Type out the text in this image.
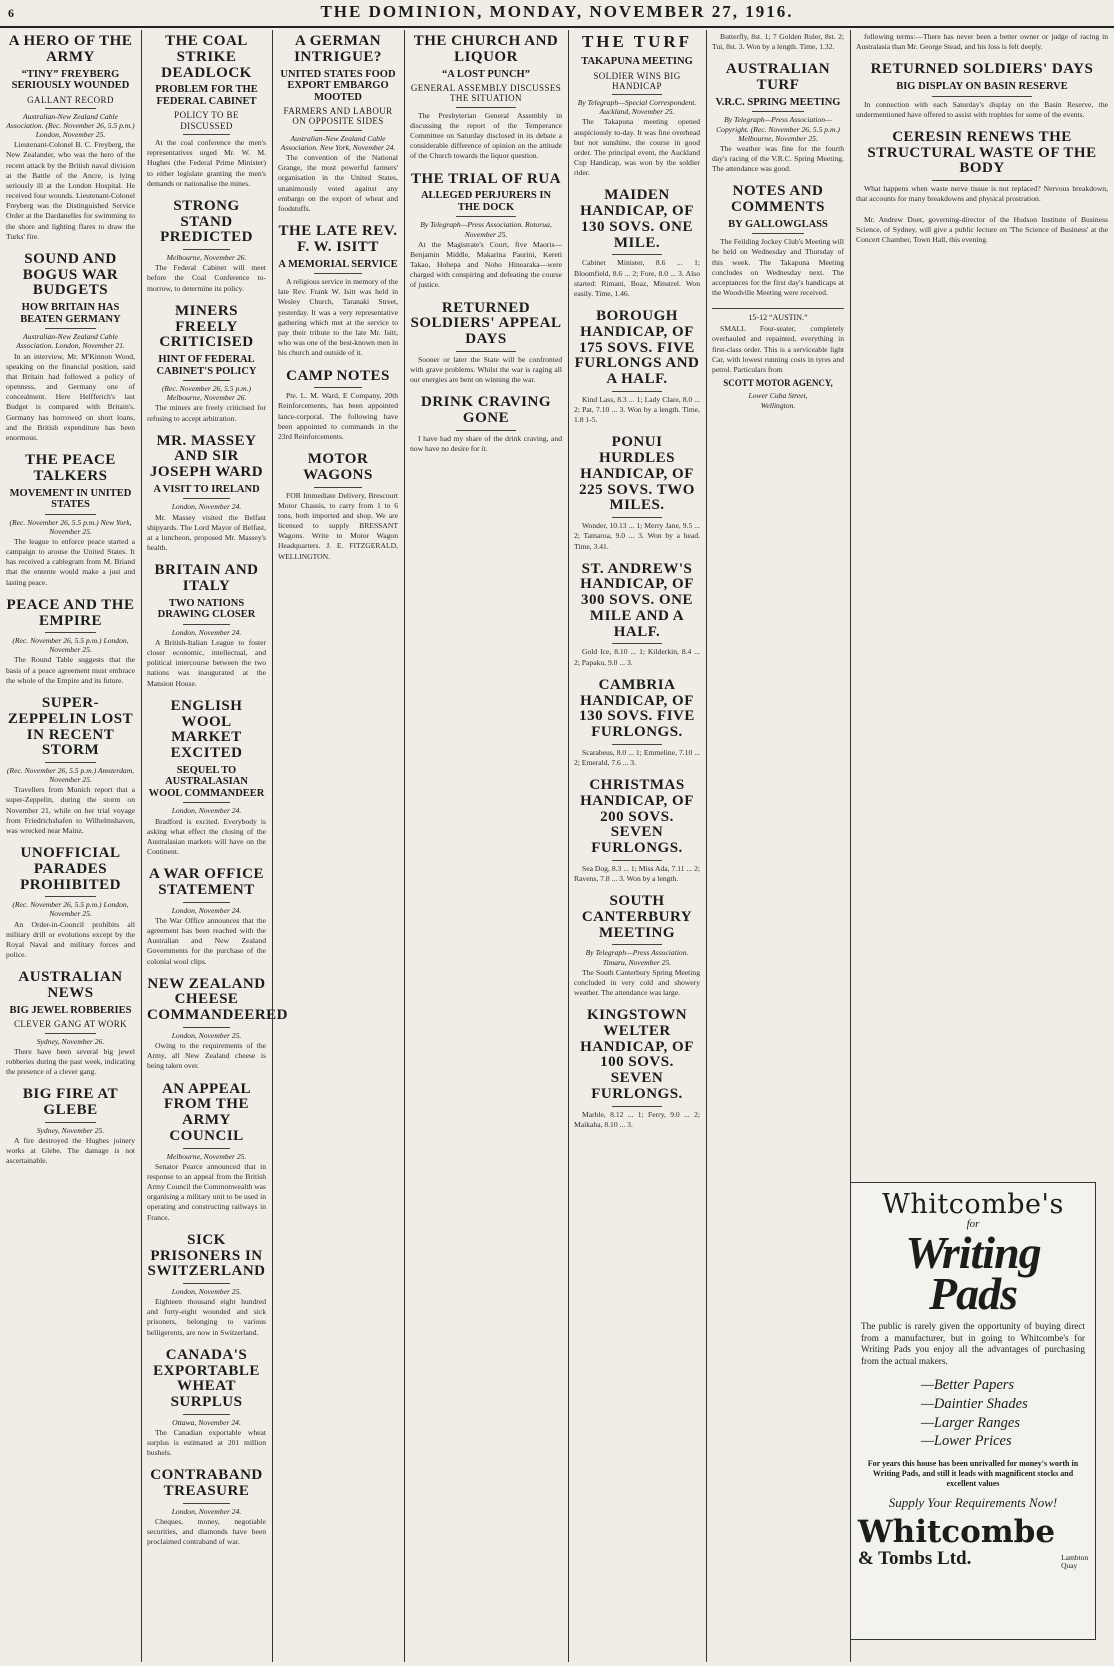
6	THE DOMINION, MONDAY, NOVEMBER 27, 1916.
A HERO OF THE ARMY
“TINY” FREYBERG SERIOUSLY WOUNDED
GALLANT RECORD
Australian-New Zealand Cable Association. (Rec. November 26, 5.5 p.m.) London, November 25.

Lieutenant-Colonel B. C. Freyberg, the New Zealander, who was the hero of the recent attack by the British naval division at the Battle of the Ancre, is lying seriously ill at the London Hospital. He received four wounds. Lieutenant-Colonel Freyberg was the Distinguished Service Order at the Dardanelles for swimming to the shore and lighting flares to draw the Turks' fire.

SOUND AND BOGUS WAR BUDGETS
HOW BRITAIN HAS BEATEN GERMANY
Australian-New Zealand Cable Association. London, November 21.

In an interview, Mr. M'Kinnon Wood, speaking on the financial position, said that Britain had followed a policy of openness, and Germany one of concealment. Here Helfferich's last Budget is compared with Britain's. Germany has borrowed on short loans, and the British expenditure has been enormous.

THE PEACE TALKERS
MOVEMENT IN UNITED STATES
(Rec. November 26, 5.5 p.m.) New York, November 25.

The league to enforce peace started a campaign to arouse the United States. It has received a cablegram from M. Briand that the entente would make a just and lasting peace.

PEACE AND THE EMPIRE
(Rec. November 26, 5.5 p.m.) London, November 25.

The Round Table suggests that the basis of a peace agreement must embrace the whole of the Empire and its future.

SUPER-ZEPPELIN LOST IN RECENT STORM
(Rec. November 26, 5.5 p.m.) Amsterdam, November 25.

Travellers from Munich report that a super-Zeppelin, during the storm on November 21, while on her trial voyage from Friedrichshafen to Wilhelmshaven, was wrecked near Mainz.

UNOFFICIAL PARADES PROHIBITED
(Rec. November 26, 5.5 p.m.) London, November 25.

An Order-in-Council prohibits all military drill or evolutions except by the Royal Naval and military forces and police.

AUSTRALIAN NEWS
BIG JEWEL ROBBERIES
CLEVER GANG AT WORK
Sydney, November 26.

There have been several big jewel robberies during the past week, indicating the presence of a clever gang.

BIG FIRE AT GLEBE
Sydney, November 25.

A fire destroyed the Hughes joinery works at Glebe. The damage is not ascertainable.

THE COAL STRIKE DEADLOCK
PROBLEM FOR THE FEDERAL CABINET
POLICY TO BE DISCUSSED

At the coal conference the men's representatives urged Mr. W. M. Hughes (the Federal Prime Minister) to either legislate granting the men's demands or nationalise the mines.

STRONG STAND PREDICTED
Melbourne, November 26.

The Federal Cabinet will meet before the Coal Conference to-morrow, to determine its policy.

MINERS FREELY CRITICISED
HINT OF FEDERAL CABINET'S POLICY
(Rec. November 26, 5.5 p.m.) Melbourne, November 26.

The miners are freely criticised for refusing to accept arbitration.

MR. MASSEY AND SIR JOSEPH WARD
A VISIT TO IRELAND
London, November 24.

Mr. Massey visited the Belfast shipyards. The Lord Mayor of Belfast, at a luncheon, proposed Mr. Massey's health.

BRITAIN AND ITALY
TWO NATIONS DRAWING CLOSER
London, November 24.

A British-Italian League to foster closer economic, intellectual, and political intercourse between the two nations was inaugurated at the Mansion House.

ENGLISH WOOL MARKET EXCITED
SEQUEL TO AUSTRALASIAN WOOL COMMANDEER
London, November 24.

Bradford is excited. Everybody is asking what effect the closing of the Australasian markets will have on the Continent.

A WAR OFFICE STATEMENT
London, November 24.

The War Office announces that the agreement has been reached with the Australian and New Zealand Governments for the purchase of the colonial wool clips.

NEW ZEALAND CHEESE COMMANDEERED
London, November 25.

Owing to the requirements of the Army, all New Zealand cheese is being taken over.

AN APPEAL FROM THE ARMY COUNCIL
Melbourne, November 25.

Senator Pearce announced that in response to an appeal from the British Army Council the Commonwealth was organising a military unit to be used in operating and constructing railways in France.

SICK PRISONERS IN SWITZERLAND
London, November 25.

Eighteen thousand eight hundred and forty-eight wounded and sick prisoners, belonging to various belligerents, are now in Switzerland.

CANADA'S EXPORTABLE WHEAT SURPLUS
Ottawa, November 24.

The Canadian exportable wheat surplus is estimated at 201 million bushels.

CONTRABAND TREASURE
London, November 24.

Cheques, money, negotiable securities, and diamonds have been proclaimed contraband of war.

A GERMAN INTRIGUE?
UNITED STATES FOOD EXPORT EMBARGO MOOTED
FARMERS AND LABOUR ON OPPOSITE SIDES
Australian-New Zealand Cable Association. New York, November 24.

The convention of the National Grange, the most powerful farmers' organisation in the United States, unanimously voted against any embargo on the export of wheat and foodstuffs.

THE LATE REV. F. W. ISITT
A MEMORIAL SERVICE

A religious service in memory of the late Rev. Frank W. Isitt was held in Wesley Church, Taranaki Street, yesterday. It was a very representative gathering which met at the service to pay their tribute to the late Mr. Isitt, who was one of the best-known men in his church and outside of it.

CAMP NOTES

Pte. L. M. Ward, E Company, 20th Reinforcements, has been appointed lance-corporal. The following have been appointed to commands in the 23rd Reinforcements.

MOTOR WAGONS

FOR Immediate Delivery, Brescourt Motor Chassis, to carry from 1 to 6 tons, both imported and shop. We are licensed to supply BRESSANT Wagons. Write to Motor Wagon Headquarters. J. E. FITZGERALD, WELLINGTON.

THE CHURCH AND LIQUOR
“A LOST PUNCH”
GENERAL ASSEMBLY DISCUSSES THE SITUATION

The Presbyterian General Assembly in discussing the report of the Temperance Committee on Saturday disclosed in its debate a considerable difference of opinion on the attitude of the Church towards the liquor question.

THE TRIAL OF RUA
ALLEGED PERJURERS IN THE DOCK
By Telegraph—Press Association. Rotorua, November 25.

At the Magistrate's Court, five Maoris—Benjamin Middle, Makarina Paurini, Kereti Takao, Hohepa and Noho Hinearaka—were charged with conspiring and defeating the course of justice.

RETURNED SOLDIERS' APPEAL DAYS

Sooner or later the State will be confronted with grave problems. Whilst the war is raging all our energies are bent on winning the war.

DRINK CRAVING GONE

I have had my share of the drink craving, and now have no desire for it.

THE TURF
TAKAPUNA MEETING
SOLDIER WINS BIG HANDICAP
By Telegraph—Special Correspondent. Auckland, November 25.

The Takapuna meeting opened auspiciously to-day. It was fine overhead but not sunshine, the course in good order. The principal event, the Auckland Cup Handicap, was won by the soldier rider.

MAIDEN HANDICAP, OF 130 SOVS. ONE MILE.

Cabinet Minister, 8.6 ... 1; Bloomfield, 8.6 ... 2; Fore, 8.0 ... 3. Also started: Rimani, Boaz, Minstrel. Won easily. Time, 1.46.

BOROUGH HANDICAP, OF 175 SOVS. FIVE FURLONGS AND A HALF.

Kind Lass, 8.3 ... 1; Lady Clare, 8.0 ... 2; Pat, 7.10 ... 3. Won by a length. Time, 1.8 1-5.

PONUI HURDLES HANDICAP, OF 225 SOVS. TWO MILES.

Wonder, 10.13 ... 1; Merry Jane, 9.5 ... 2; Tamaroa, 9.0 ... 3. Won by a head. Time, 3.41.

ST. ANDREW'S HANDICAP, OF 300 SOVS. ONE MILE AND A HALF.

Gold Ice, 8.10 ... 1; Kilderkin, 8.4 ... 2; Papaku, 9.0 ... 3.

CAMBRIA HANDICAP, OF 130 SOVS. FIVE FURLONGS.

Scarabeus, 8.0 ... 1; Emmeline, 7.10 ... 2; Emerald, 7.6 ... 3.

CHRISTMAS HANDICAP, OF 200 SOVS. SEVEN FURLONGS.

Sea Dog, 8.3 ... 1; Miss Ada, 7.11 ... 2; Ravens, 7.8 ... 3. Won by a length.

SOUTH CANTERBURY MEETING
By Telegraph—Press Association. Timaru, November 25.

The South Canterbury Spring Meeting concluded in very cold and showery weather. The attendance was large.

KINGSTOWN WELTER HANDICAP, OF 100 SOVS. SEVEN FURLONGS.

Marble, 8.12 ... 1; Ferry, 9.0 ... 2; Maikaha, 8.10 ... 3.

Butterfly, 8st. 1; 7 Golden Ruler, 8st. 2; Tui, 8st. 3. Won by a length. Time, 1.32.

AUSTRALIAN TURF
V.R.C. SPRING MEETING
By Telegraph—Press Association—Copyright. (Rec. November 26, 5.5 p.m.) Melbourne, November 25.

The weather was fine for the fourth day's racing of the V.R.C. Spring Meeting. The attendance was good.

NOTES AND COMMENTS
BY GALLOWGLASS

The Feilding Jockey Club's Meeting will be held on Wednesday and Thursday of this week. The Takapuna Meeting concludes on Wednesday next. The acceptances for the first day's handicaps at the Woodville Meeting were received.

15-12 “AUSTIN.”

SMALL Four-seater, completely overhauled and repainted, everything in first-class order. This is a serviceable light Car, with lowest running costs in tyres and petrol. Particulars from

SCOTT MOTOR AGENCY,
Lower Cuba Street,
Wellington.

following terms:—There has never been a better owner or judge of racing in Australasia than Mr. George Stead, and his loss is felt deeply.

RETURNED SOLDIERS' DAYS
BIG DISPLAY ON BASIN RESERVE

In connection with each Saturday's display on the Basin Reserve, the undermentioned have offered to assist with trophies for some of the events.

CERESIN RENEWS THE STRUCTURAL WASTE OF THE BODY

What happens when waste nerve tissue is not replaced? Nervous breakdown, that accounts for many breakdowns and physical prostration.

Mr. Andrew Doer, governing-director of the Hudson Institute of Business Science, of Sydney, will give a public lecture on 'The Science of Business' at the Concert Chamber, Town Hall, this evening.

Whitcombe's
for
Writing Pads
The public is rarely given the opportunity of buying direct from a manufacturer, but in going to Whitcombe's for Writing Pads you enjoy all the advantages of purchasing from the actual makers.
— Better Papers
— Daintier Shades
— Larger Ranges
— Lower Prices
For years this house has been unrivalled for money's worth in Writing Pads, and still it leads with magnificent stocks and excellent values
Supply Your Requirements Now!
Whitcombe
& Tombs Ltd.	Lambton Quay
